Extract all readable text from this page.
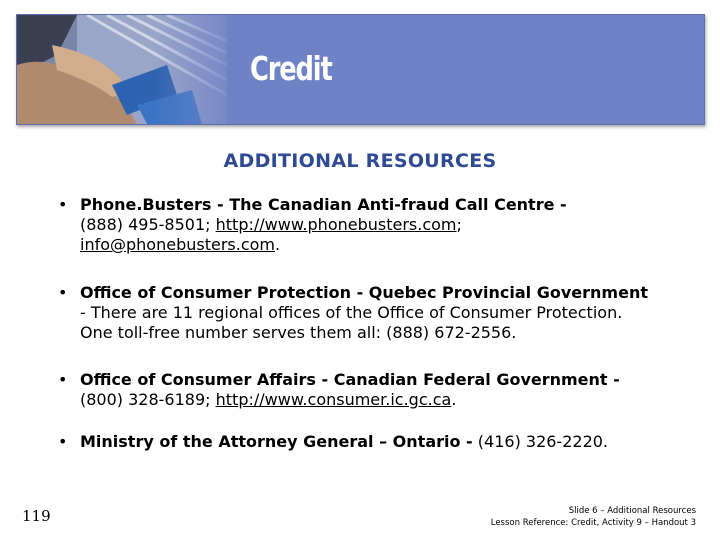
Credit
ADDITIONAL RESOURCES
• Phone.Busters - The Canadian Anti-fraud Call Centre -
(888) 495-8501; http://www.phonebusters.com;
info@phonebusters.com.
• Office of Consumer Protection - Quebec Provincial Government
- There are 11 regional offices of the Office of Consumer Protection.
One toll-free number serves them all: (888) 672-2556.
• Office of Consumer Affairs - Canadian Federal Government -
(800) 328-6189; http://www.consumer.ic.gc.ca.
• Ministry of the Attorney General – Ontario - (416) 326-2220.
119	Slide 6 – Additional Resources
Lesson Reference: Credit, Activity 9 – Handout 3
